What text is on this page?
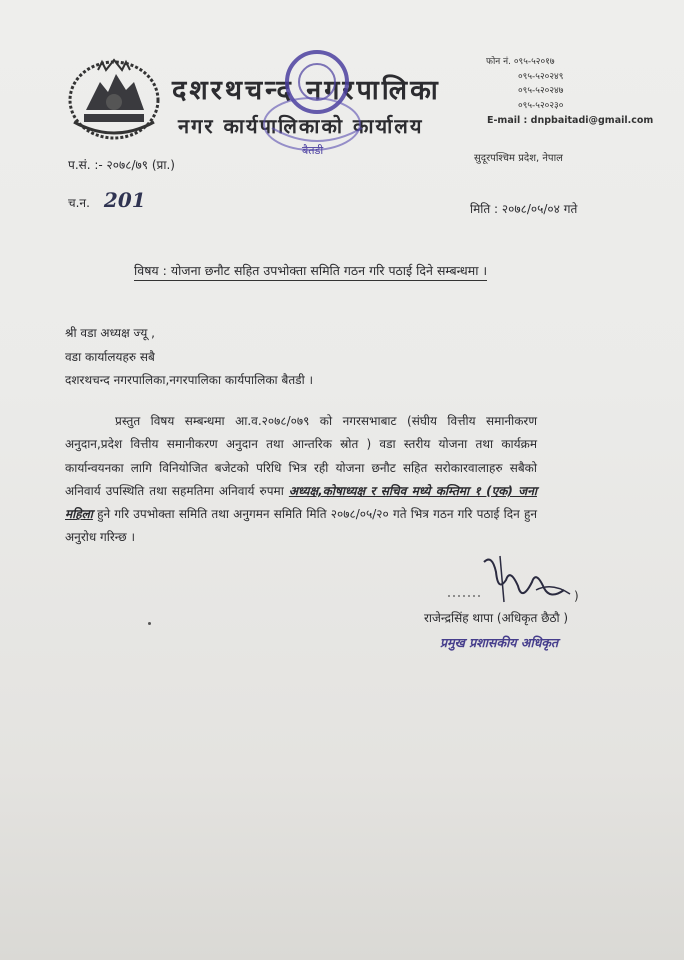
दशरथचन्द नगरपालिका
नगर कार्यपालिकाको कार्यालय
बैतडी
फोन नं. ०९५-५२०१७
०९५-५२०२४९
०९५-५२०२४७
०९५-५२०२३०
E-mail : dnpbaitadi@gmail.com
सुदूरपश्चिम प्रदेश, नेपाल
प.सं. :- २०७८/७९ (प्रा.)
च.न. 201	मिति : २०७८/०५/०४ गते
विषय : योजना छनौट सहित उपभोक्ता समिति गठन गरि पठाई दिने सम्बन्धमा ।
श्री वडा अध्यक्ष ज्यू ,
वडा कार्यालयहरु सबै
दशरथचन्द नगरपालिका,नगरपालिका कार्यपालिका बैतडी ।

प्रस्तुत विषय सम्बन्धमा आ.व.२०७८/०७९ को नगरसभाबाट (संघीय वित्तीय समानीकरण अनुदान,प्रदेश वित्तीय समानीकरण अनुदान तथा आन्तरिक स्रोत ) वडा स्तरीय योजना तथा कार्यक्रम कार्यान्वयनका लागि विनियोजित बजेटको परिधि भित्र रही योजना छनौट सहित सरोकारवालाहरु सबैको अनिवार्य उपस्थिति तथा सहमतिमा अनिवार्य रुपमा अध्यक्ष,कोषाध्यक्ष र सचिव मध्ये कम्तिमा १ (एक) जना महिला हुने गरि उपभोक्ता समिति तथा अनुगमन समिति मिति २०७८/०५/२० गते भित्र गठन गरि पठाई दिन हुन अनुरोध गरिन्छ ।

)
राजेन्द्रसिंह थापा (अधिकृत छैठौ )
प्रमुख प्रशासकीय अधिकृत
